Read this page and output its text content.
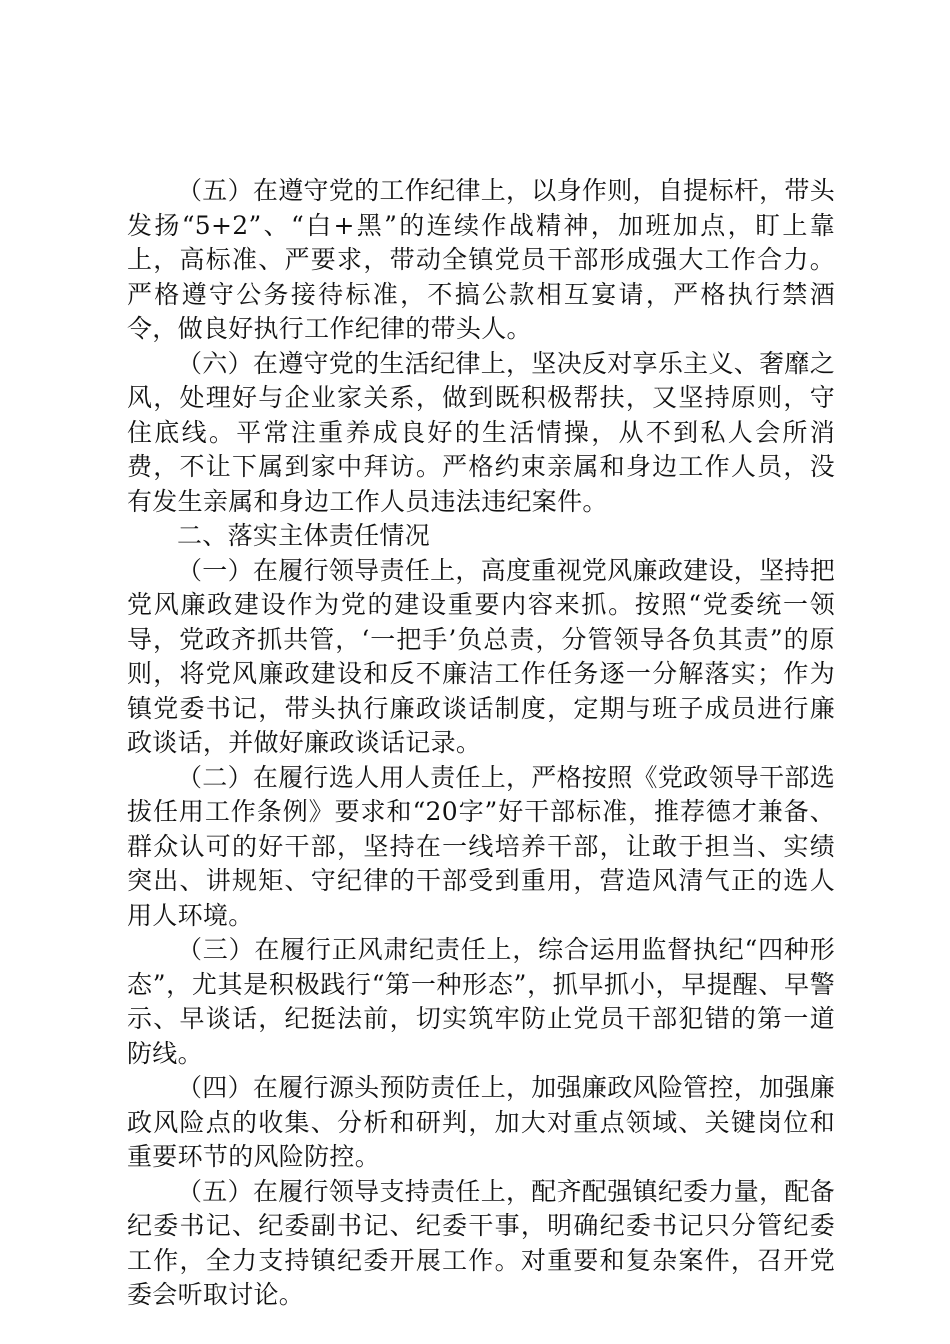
（五）在遵守党的工作纪律上，以身作则，自提标杆，带头发扬“5+2”、“白+黑”的连续作战精神，加班加点，盯上靠上，高标准、严要求，带动全镇党员干部形成强大工作合力。严格遵守公务接待标准，不搞公款相互宴请，严格执行禁酒令，做良好执行工作纪律的带头人。

（六）在遵守党的生活纪律上，坚决反对享乐主义、奢靡之风，处理好与企业家关系，做到既积极帮扶，又坚持原则，守住底线。平常注重养成良好的生活情操，从不到私人会所消费，不让下属到家中拜访。严格约束亲属和身边工作人员，没有发生亲属和身边工作人员违法违纪案件。

二、落实主体责任情况

（一）在履行领导责任上，高度重视党风廉政建设，坚持把党风廉政建设作为党的建设重要内容来抓。按照“党委统一领导，党政齐抓共管，‘一把手’负总责，分管领导各负其责”的原则，将党风廉政建设和反不廉洁工作任务逐一分解落实；作为镇党委书记，带头执行廉政谈话制度，定期与班子成员进行廉政谈话，并做好廉政谈话记录。

（二）在履行选人用人责任上，严格按照《党政领导干部选拔任用工作条例》要求和“20字”好干部标准，推荐德才兼备、群众认可的好干部，坚持在一线培养干部，让敢于担当、实绩突出、讲规矩、守纪律的干部受到重用，营造风清气正的选人用人环境。

（三）在履行正风肃纪责任上，综合运用监督执纪“四种形态”，尤其是积极践行“第一种形态”，抓早抓小，早提醒、早警示、早谈话，纪挺法前，切实筑牢防止党员干部犯错的第一道防线。

（四）在履行源头预防责任上，加强廉政风险管控，加强廉政风险点的收集、分析和研判，加大对重点领域、关键岗位和重要环节的风险防控。

（五）在履行领导支持责任上，配齐配强镇纪委力量，配备纪委书记、纪委副书记、纪委干事，明确纪委书记只分管纪委工作，全力支持镇纪委开展工作。对重要和复杂案件，召开党委会听取讨论。
